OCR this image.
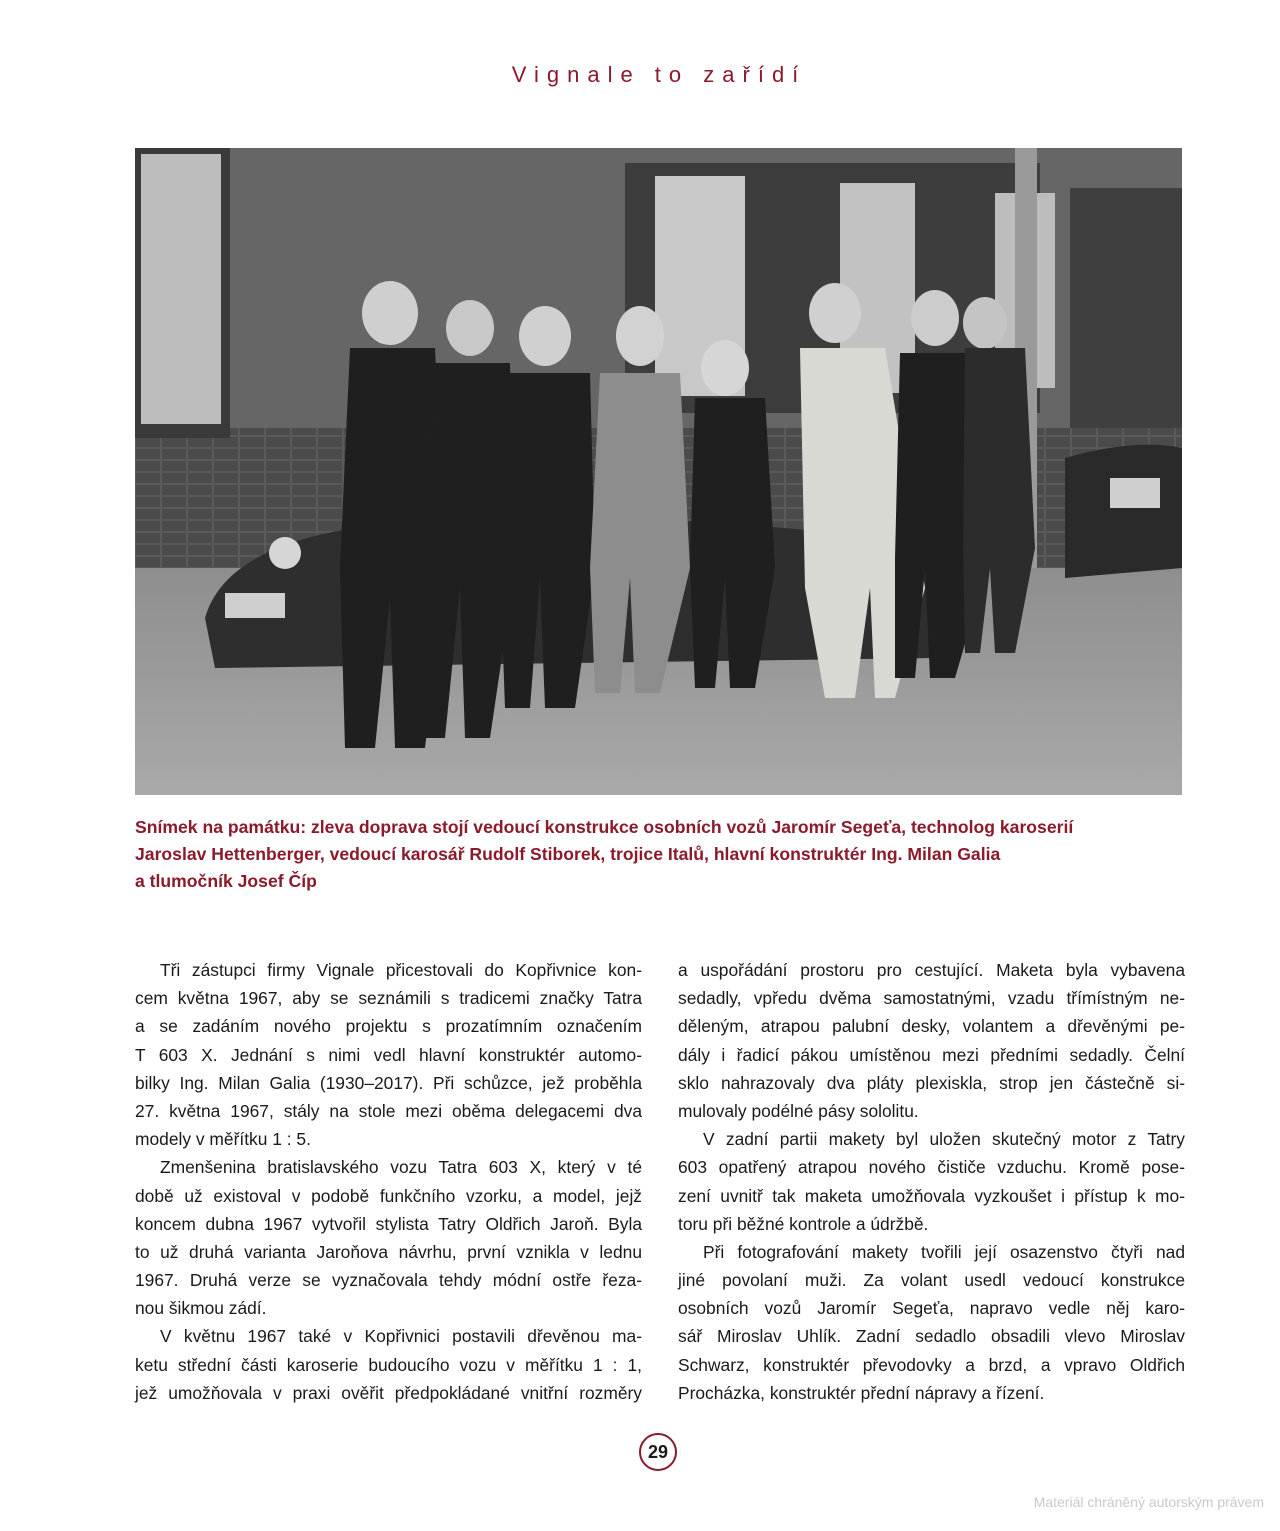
Vignale to zařídí
Snímek na památku: zleva doprava stojí vedoucí konstrukce osobních vozů Jaromír Segeťa, technolog karoserií
Jaroslav Hettenberger, vedoucí karosář Rudolf Stiborek, trojice Italů, hlavní konstruktér Ing. Milan Galia
a tlumočník Josef Číp
Tři zástupci firmy Vignale přicestovali do Kopřivnice kon-
cem května 1967, aby se seznámili s tradicemi značky Tatra
a se zadáním nového projektu s prozatímním označením
T 603 X. Jednání s nimi vedl hlavní konstruktér automo-
bilky Ing. Milan Galia (1930–2017). Při schůzce, jež proběhla
27. května 1967, stály na stole mezi oběma delegacemi dva
modely v měřítku 1 : 5.
Zmenšenina bratislavského vozu Tatra 603 X, který v té
době už existoval v podobě funkčního vzorku, a model, jejž
koncem dubna 1967 vytvořil stylista Tatry Oldřich Jaroň. Byla
to už druhá varianta Jaroňova návrhu, první vznikla v lednu
1967. Druhá verze se vyznačovala tehdy módní ostře řeza-
nou šikmou zádí.
V květnu 1967 také v Kopřivnici postavili dřevěnou ma-
ketu střední části karoserie budoucího vozu v měřítku 1 : 1,
jež umožňovala v praxi ověřit předpokládané vnitřní rozměry
a uspořádání prostoru pro cestující. Maketa byla vybavena
sedadly, vpředu dvěma samostatnými, vzadu třímístným ne-
děleným, atrapou palubní desky, volantem a dřevěnými pe-
dály i řadicí pákou umístěnou mezi předními sedadly. Čelní
sklo nahrazovaly dva pláty plexiskla, strop jen částečně si-
mulovaly podélné pásy sololitu.
V zadní partii makety byl uložen skutečný motor z Tatry
603 opatřený atrapou nového čističe vzduchu. Kromě pose-
zení uvnitř tak maketa umožňovala vyzkoušet i přístup k mo-
toru při běžné kontrole a údržbě.
Při fotografování makety tvořili její osazenstvo čtyři nad
jiné povolaní muži. Za volant usedl vedoucí konstrukce
osobních vozů Jaromír Segeťa, napravo vedle něj karo-
sář Miroslav Uhlík. Zadní sedadlo obsadili vlevo Miroslav
Schwarz, konstruktér převodovky a brzd, a vpravo Oldřich
Procházka, konstruktér přední nápravy a řízení.
29
Materiál chráněný autorským právem
